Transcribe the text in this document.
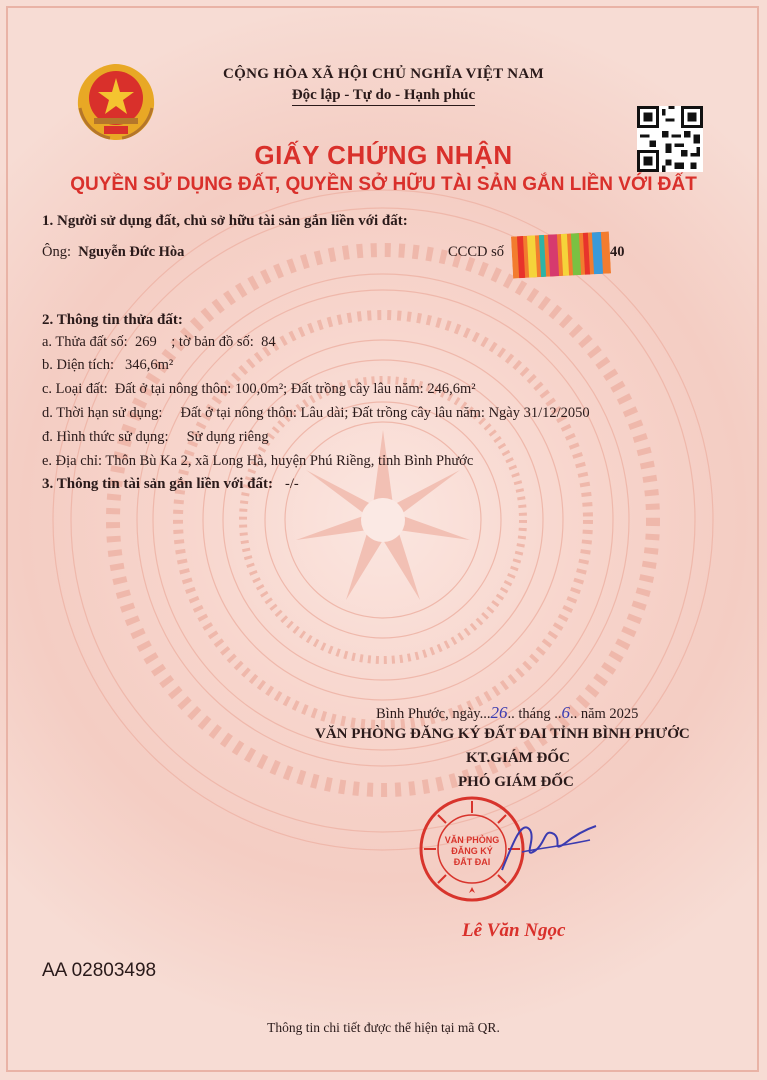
CỘNG HÒA XÃ HỘI CHỦ NGHĨA VIỆT NAM
Độc lập - Tự do - Hạnh phúc
GIẤY CHỨNG NHẬN
QUYỀN SỬ DỤNG ĐẤT, QUYỀN SỞ HỮU TÀI SẢN GẮN LIỀN VỚI ĐẤT
1. Người sử dụng đất, chủ sở hữu tài sản gắn liền với đất:
Ông: Nguyễn Đức Hòa	CCCD số	40
2. Thông tin thửa đất:
a. Thửa đất số: 269 ; tờ bản đồ số: 84
b. Diện tích: 346,6m²
c. Loại đất: Đất ở tại nông thôn: 100,0m²; Đất trồng cây lâu năm: 246,6m²
d. Thời hạn sử dụng: Đất ở tại nông thôn: Lâu dài; Đất trồng cây lâu năm: Ngày 31/12/2050
đ. Hình thức sử dụng: Sử dụng riêng
e. Địa chỉ: Thôn Bù Ka 2, xã Long Hà, huyện Phú Riềng, tỉnh Bình Phước
3. Thông tin tài sản gắn liền với đất: -/-
Bình Phước, ngày...26.. tháng ..6.. năm 2025
VĂN PHÒNG ĐĂNG KÝ ĐẤT ĐAI TỈNH BÌNH PHƯỚC
KT.GIÁM ĐỐC
PHÓ GIÁM ĐỐC
VĂN PHÒNG ĐĂNG KÝ ĐẤT ĐAI
Lê Văn Ngọc
AA 02803498
Thông tin chi tiết được thể hiện tại mã QR.
